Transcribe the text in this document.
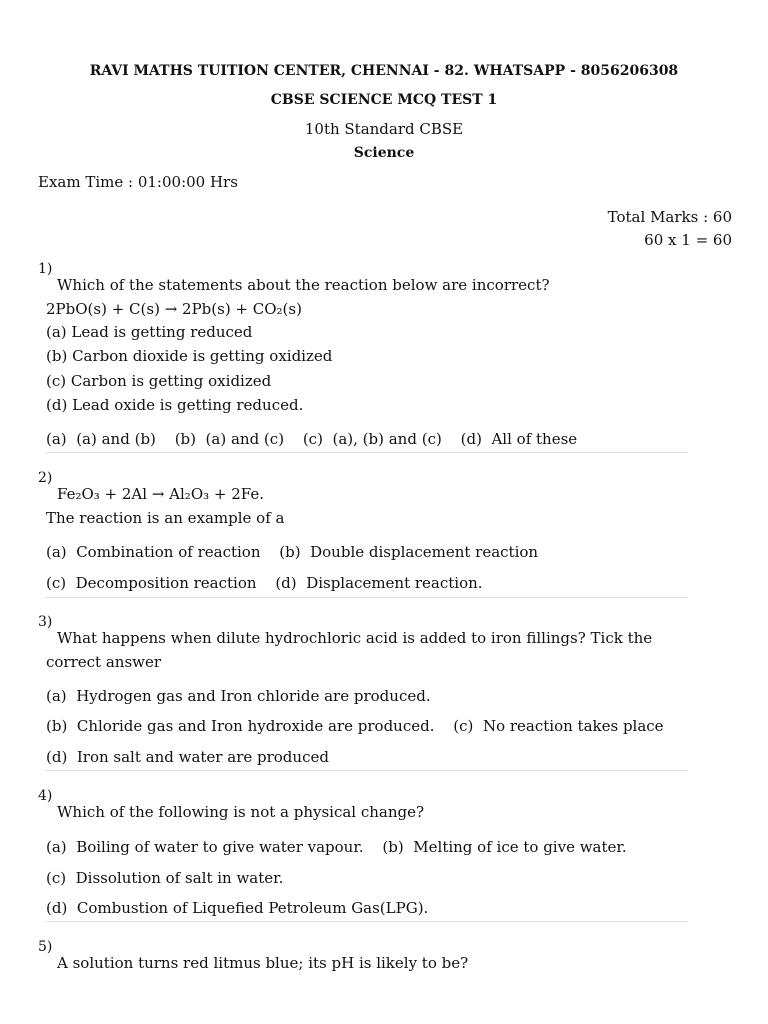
RAVI MATHS TUITION CENTER, CHENNAI - 82. WHATSAPP - 8056206308
CBSE SCIENCE MCQ TEST 1
10th Standard CBSE
Science
Exam Time : 01:00:00 Hrs
Total Marks : 60
60 x 1 = 60
1)
Which of the statements about the reaction below are incorrect?
2PbO(s) + C(s) → 2Pb(s) + CO₂(s)
(a) Lead is getting reduced
(b) Carbon dioxide is getting oxidized
(c) Carbon is getting oxidized
(d) Lead oxide is getting reduced.
(a) (a) and (b) (b) (a) and (c) (c) (a), (b) and (c) (d) All of these
2)
Fe₂O₃ + 2Al → Al₂O₃ + 2Fe.
The reaction is an example of a
(a) Combination of reaction (b) Double displacement reaction
(c) Decomposition reaction (d) Displacement reaction.
3)
What happens when dilute hydrochloric acid is added to iron fillings? Tick the
correct answer
(a) Hydrogen gas and Iron chloride are produced.
(b) Chloride gas and Iron hydroxide are produced. (c) No reaction takes place
(d) Iron salt and water are produced
4)
Which of the following is not a physical change?
(a) Boiling of water to give water vapour. (b) Melting of ice to give water.
(c) Dissolution of salt in water.
(d) Combustion of Liquefied Petroleum Gas(LPG).
5)
A solution turns red litmus blue; its pH is likely to be?
